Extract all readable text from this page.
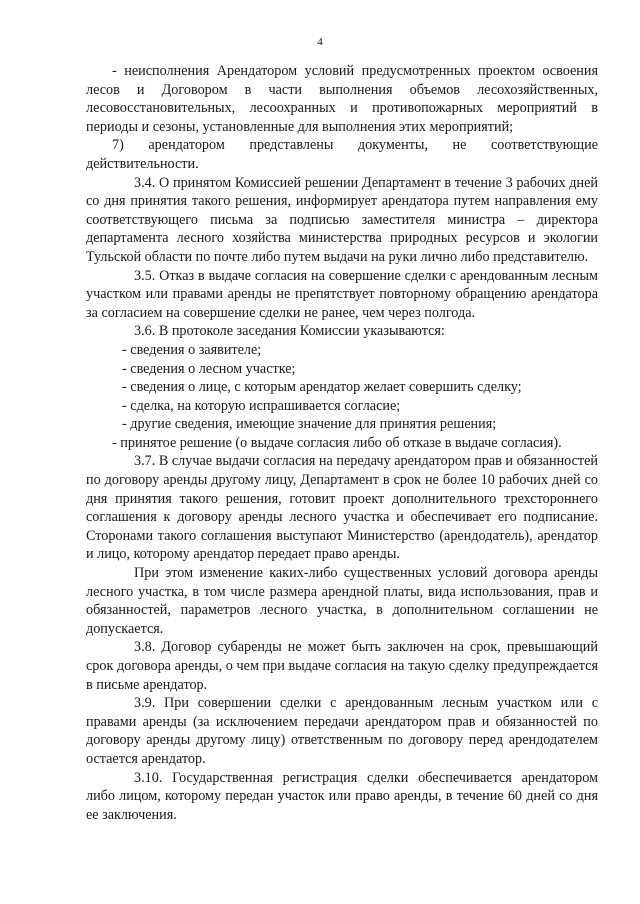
4

- неисполнения Арендатором условий предусмотренных проектом освоения лесов и Договором в части выполнения объемов лесохозяйственных, лесовосстановительных, лесоохранных и противопожарных мероприятий в периоды и сезоны, установленные для выполнения этих мероприятий;

7) арендатором представлены документы, не соответствующие действительности.

3.4. О принятом Комиссией решении Департамент в течение 3 рабочих дней со дня принятия такого решения, информирует арендатора путем направления ему соответствующего письма за подписью заместителя министра – директора департамента лесного хозяйства министерства природных ресурсов и экологии Тульской области по почте либо путем выдачи на руки лично либо представителю.

3.5. Отказ в выдаче согласия на совершение сделки с арендованным лесным участком или правами аренды не препятствует повторному обращению арендатора за согласием на совершение сделки не ранее, чем через полгода.

3.6. В протоколе заседания Комиссии указываются:

- сведения о заявителе;

- сведения о лесном участке;

- сведения о лице, с которым арендатор желает совершить сделку;

- сделка, на которую испрашивается согласие;

- другие сведения, имеющие значение для принятия решения;

- принятое решение (о выдаче согласия либо об отказе в выдаче согласия).

3.7. В случае выдачи согласия на передачу арендатором прав и обязанностей по договору аренды другому лицу, Департамент в срок не более 10 рабочих дней со дня принятия такого решения, готовит проект дополнительного трехстороннего соглашения к договору аренды лесного участка и обеспечивает его подписание. Сторонами такого соглашения выступают Министерство (арендодатель), арендатор и лицо, которому арендатор передает право аренды.

При этом изменение каких-либо существенных условий договора аренды лесного участка, в том числе размера арендной платы, вида использования, прав и обязанностей, параметров лесного участка, в дополнительном соглашении не допускается.

3.8. Договор субаренды не может быть заключен на срок, превышающий срок договора аренды, о чем при выдаче согласия на такую сделку предупреждается в письме арендатор.

3.9. При совершении сделки с арендованным лесным участком или с правами аренды (за исключением передачи арендатором прав и обязанностей по договору аренды другому лицу) ответственным по договору перед арендодателем остается арендатор.

3.10. Государственная регистрация сделки обеспечивается арендатором либо лицом, которому передан участок или право аренды, в течение 60 дней со дня ее заключения.
